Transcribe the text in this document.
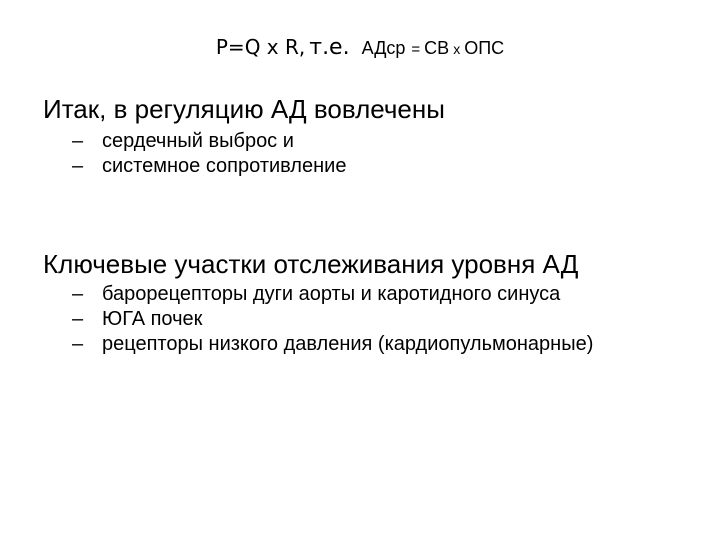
P=Q x R, т.е. АДср = СВ х ОПС
Итак, в регуляцию АД вовлечены
– сердечный выброс и
– системное сопротивление
Ключевые участки отслеживания уровня АД
– барорецепторы дуги аорты и каротидного синуса
– ЮГА почек
– рецепторы низкого давления (кардиопульмонарные)
